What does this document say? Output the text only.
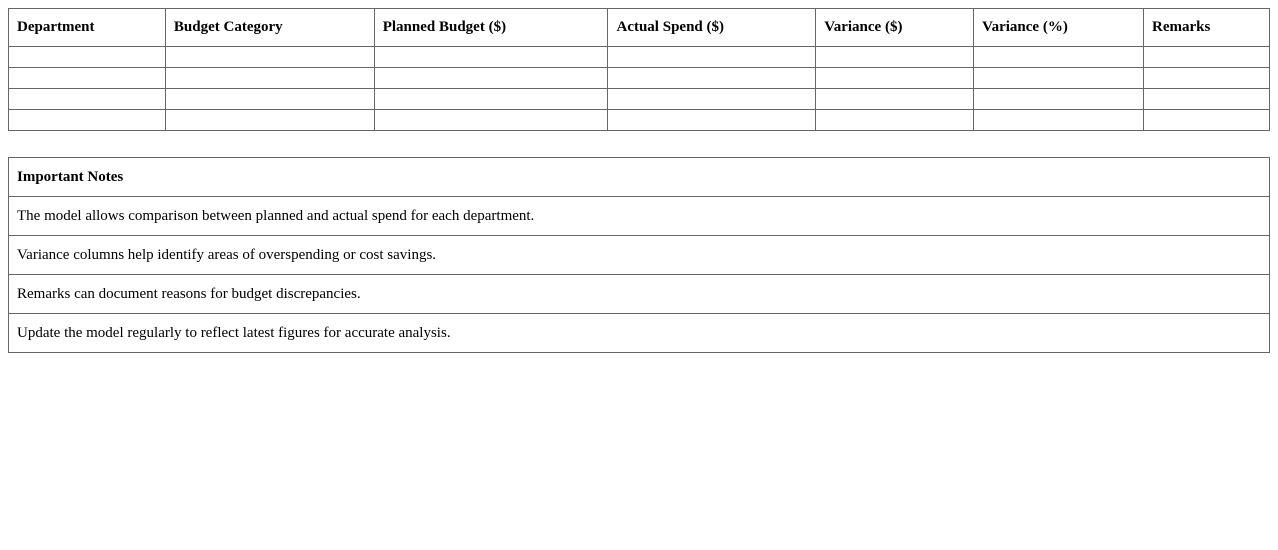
Department	Budget Category	Planned Budget ($)	Actual Spend ($)	Variance ($)	Variance (%)	Remarks

Important Notes
The model allows comparison between planned and actual spend for each department.
Variance columns help identify areas of overspending or cost savings.
Remarks can document reasons for budget discrepancies.
Update the model regularly to reflect latest figures for accurate analysis.
